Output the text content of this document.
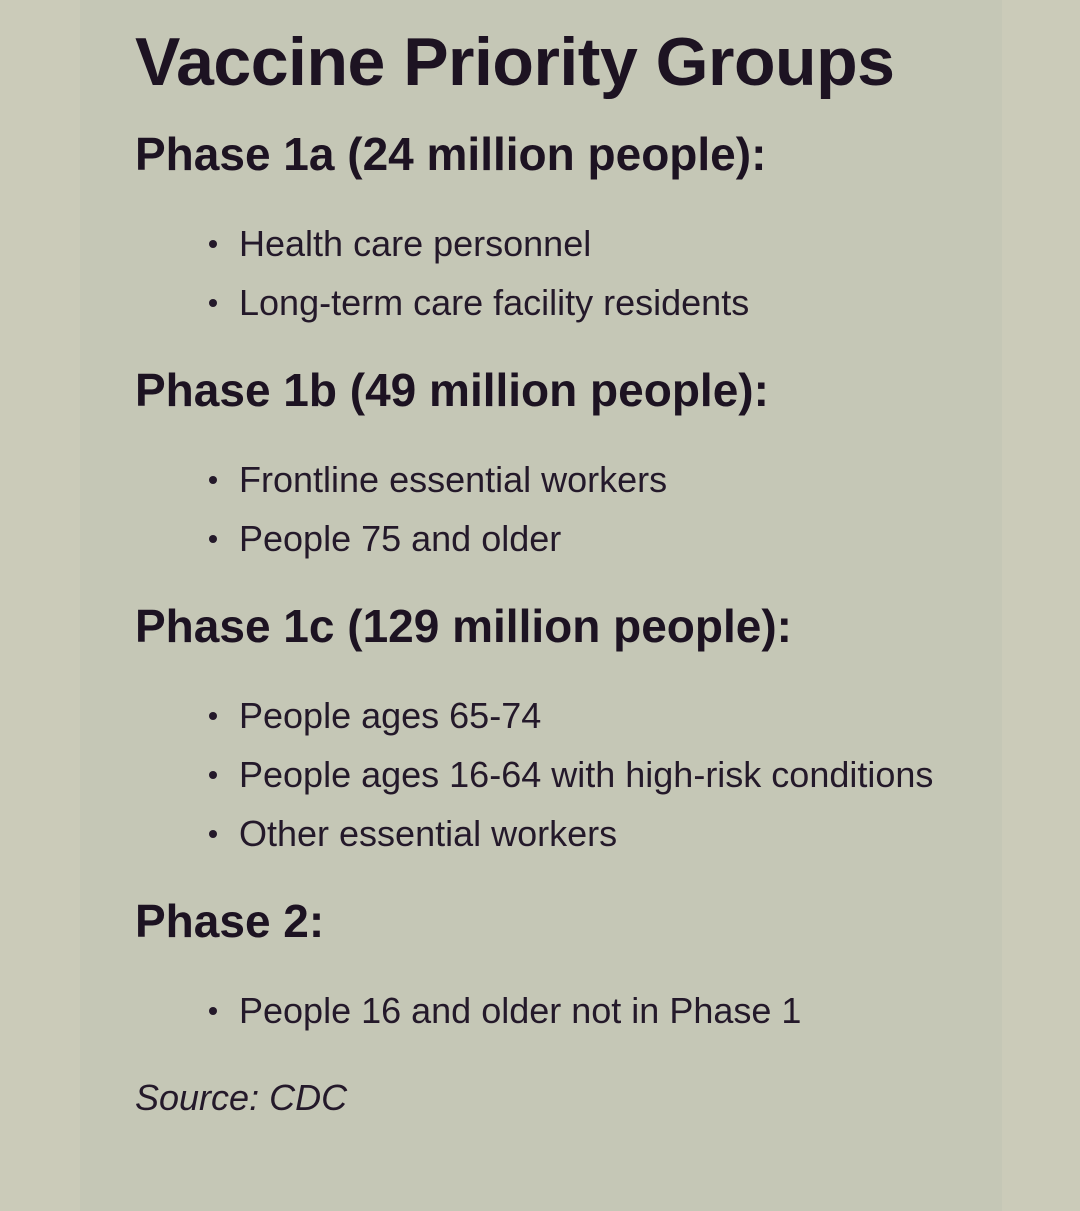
Vaccine Priority Groups
Phase 1a (24 million people):
Health care personnel
Long-term care facility residents
Phase 1b (49 million people):
Frontline essential workers
People 75 and older
Phase 1c (129 million people):
People ages 65-74
People ages 16-64 with high-risk conditions
Other essential workers
Phase 2:
People 16 and older not in Phase 1
Source: CDC
